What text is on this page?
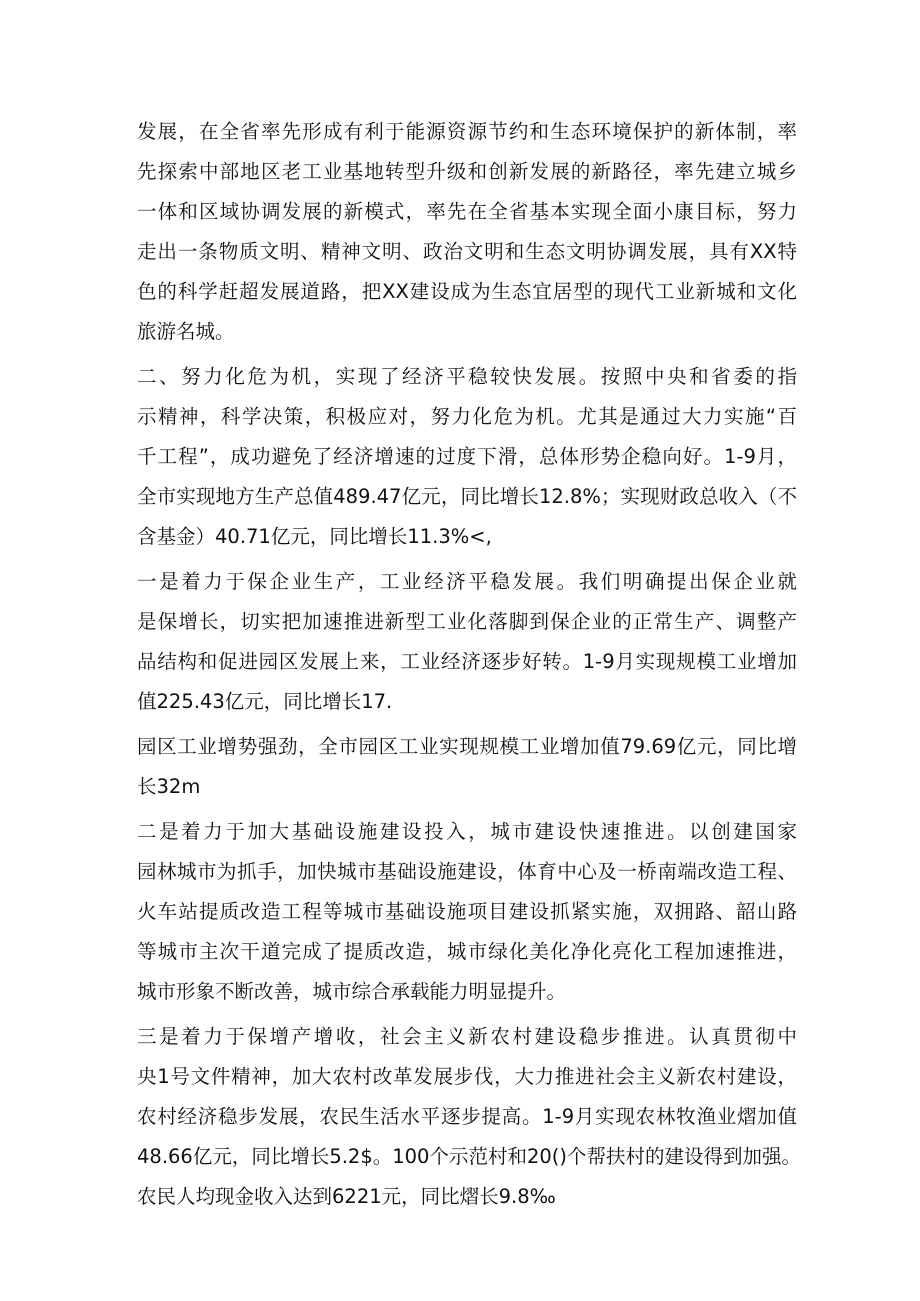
发展，在全省率先形成有利于能源资源节约和生态环境保护的新体制，率
先探索中部地区老工业基地转型升级和创新发展的新路径，率先建立城乡
一体和区域协调发展的新模式，率先在全省基本实现全面小康目标，努力
走出一条物质文明、精神文明、政治文明和生态文明协调发展，具有XX特
色的科学赶超发展道路，把XX建设成为生态宜居型的现代工业新城和文化
旅游名城。
二、努力化危为机，实现了经济平稳较快发展。按照中央和省委的指
示精神，科学决策，积极应对，努力化危为机。尤其是通过大力实施“百
千工程”，成功避免了经济增速的过度下滑，总体形势企稳向好。1-9月，
全市实现地方生产总值489.47亿元，同比增长12.8%；实现财政总收入（不
含基金）40.71亿元，同比增长11.3%<,
一是着力于保企业生产，工业经济平稳发展。我们明确提出保企业就
是保增长，切实把加速推进新型工业化落脚到保企业的正常生产、调整产
品结构和促进园区发展上来，工业经济逐步好转。1-9月实现规模工业增加
值225.43亿元，同比增长17.
园区工业增势强劲，全市园区工业实现规模工业增加值79.69亿元，同比增
长32m
二是着力于加大基础设施建设投入，城市建设快速推进。以创建国家
园林城市为抓手，加快城市基础设施建设，体育中心及一桥南端改造工程、
火车站提质改造工程等城市基础设施项目建设抓紧实施，双拥路、韶山路
等城市主次干道完成了提质改造，城市绿化美化净化亮化工程加速推进，
城市形象不断改善，城市综合承载能力明显提升。
三是着力于保增产增收，社会主义新农村建设稳步推进。认真贯彻中
央1号文件精神，加大农村改革发展步伐，大力推进社会主义新农村建设，
农村经济稳步发展，农民生活水平逐步提高。1-9月实现农林牧渔业熠加值
48.66亿元，同比增长5.2$。100个示范村和20()个帮扶村的建设得到加强。
农民人均现金收入达到6221元，同比熠长9.8‰
